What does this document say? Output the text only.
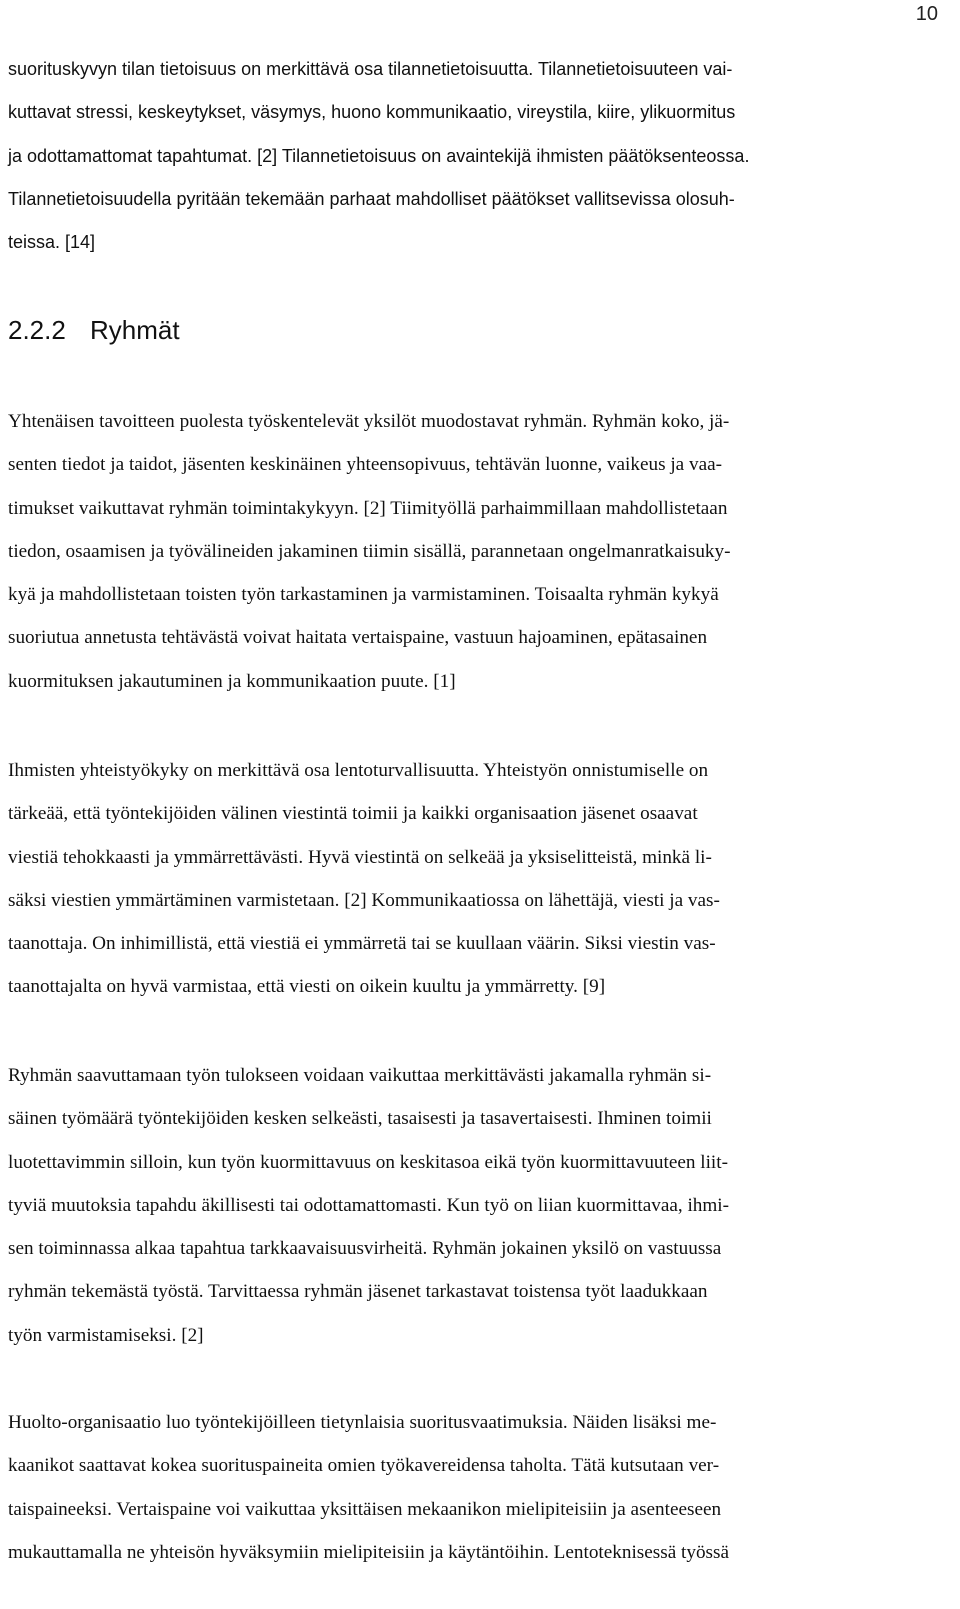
10
suorituskyvyn tilan tietoisuus on merkittävä osa tilannetietoisuutta. Tilannetietoisuuteen vai-
kuttavat stressi, keskeytykset, väsymys, huono kommunikaatio, vireystila, kiire, ylikuormitus
ja odottamattomat tapahtumat. [2] Tilannetietoisuus on avaintekijä ihmisten päätöksenteossa.
Tilannetietoisuudella pyritään tekemään parhaat mahdolliset päätökset vallitsevissa olosuh-
teissa. [14]
2.2.2 Ryhmät
Yhtenäisen tavoitteen puolesta työskentelevät yksilöt muodostavat ryhmän. Ryhmän koko, jä-
senten tiedot ja taidot, jäsenten keskinäinen yhteensopivuus, tehtävän luonne, vaikeus ja vaa-
timukset vaikuttavat ryhmän toimintakykyyn. [2] Tiimityöllä parhaimmillaan mahdollistetaan
tiedon, osaamisen ja työvälineiden jakaminen tiimin sisällä, parannetaan ongelmanratkaisuky-
kyä ja mahdollistetaan toisten työn tarkastaminen ja varmistaminen. Toisaalta ryhmän kykyä
suoriutua annetusta tehtävästä voivat haitata vertaispaine, vastuun hajoaminen, epätasainen
kuormituksen jakautuminen ja kommunikaation puute. [1]
Ihmisten yhteistyökyky on merkittävä osa lentoturvallisuutta. Yhteistyön onnistumiselle on
tärkeää, että työntekijöiden välinen viestintä toimii ja kaikki organisaation jäsenet osaavat
viestiä tehokkaasti ja ymmärrettävästi. Hyvä viestintä on selkeää ja yksiselitteistä, minkä li-
säksi viestien ymmärtäminen varmistetaan. [2] Kommunikaatiossa on lähettäjä, viesti ja vas-
taanottaja. On inhimillistä, että viestiä ei ymmärretä tai se kuullaan väärin. Siksi viestin vas-
taanottajalta on hyvä varmistaa, että viesti on oikein kuultu ja ymmärretty. [9]
Ryhmän saavuttamaan työn tulokseen voidaan vaikuttaa merkittävästi jakamalla ryhmän si-
säinen työmäärä työntekijöiden kesken selkeästi, tasaisesti ja tasavertaisesti. Ihminen toimii
luotettavimmin silloin, kun työn kuormittavuus on keskitasoa eikä työn kuormittavuuteen liit-
tyviä muutoksia tapahdu äkillisesti tai odottamattomasti. Kun työ on liian kuormittavaa, ihmi-
sen toiminnassa alkaa tapahtua tarkkaavaisuusvirheitä. Ryhmän jokainen yksilö on vastuussa
ryhmän tekemästä työstä. Tarvittaessa ryhmän jäsenet tarkastavat toistensa työt laadukkaan
työn varmistamiseksi. [2]
Huolto-organisaatio luo työntekijöilleen tietynlaisia suoritusvaatimuksia. Näiden lisäksi me-
kaanikot saattavat kokea suorituspaineita omien työkavereidensa taholta. Tätä kutsutaan ver-
taispaineeksi. Vertaispaine voi vaikuttaa yksittäisen mekaanikon mielipiteisiin ja asenteeseen
mukauttamalla ne yhteisön hyväksymiin mielipiteisiin ja käytäntöihin. Lentoteknisessä työssä
